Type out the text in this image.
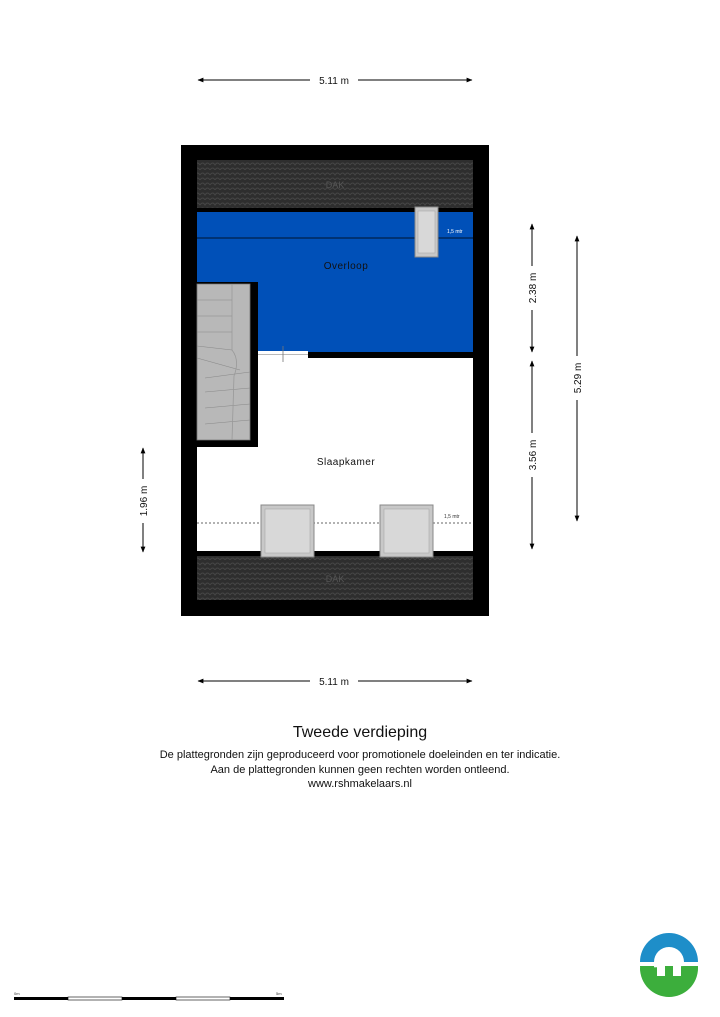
DAK
DAK
1,5 mtr
Overloop
1,5 mtr
Slaapkamer
5.11 m
5.11 m
2.38 m
3.56 m
5.29 m
1.96 m
0m	5m
Tweede verdieping
De plattegronden zijn geproduceerd voor promotionele doeleinden en ter indicatie.
Aan de plattegronden kunnen geen rechten worden ontleend.
www.rshmakelaars.nl
